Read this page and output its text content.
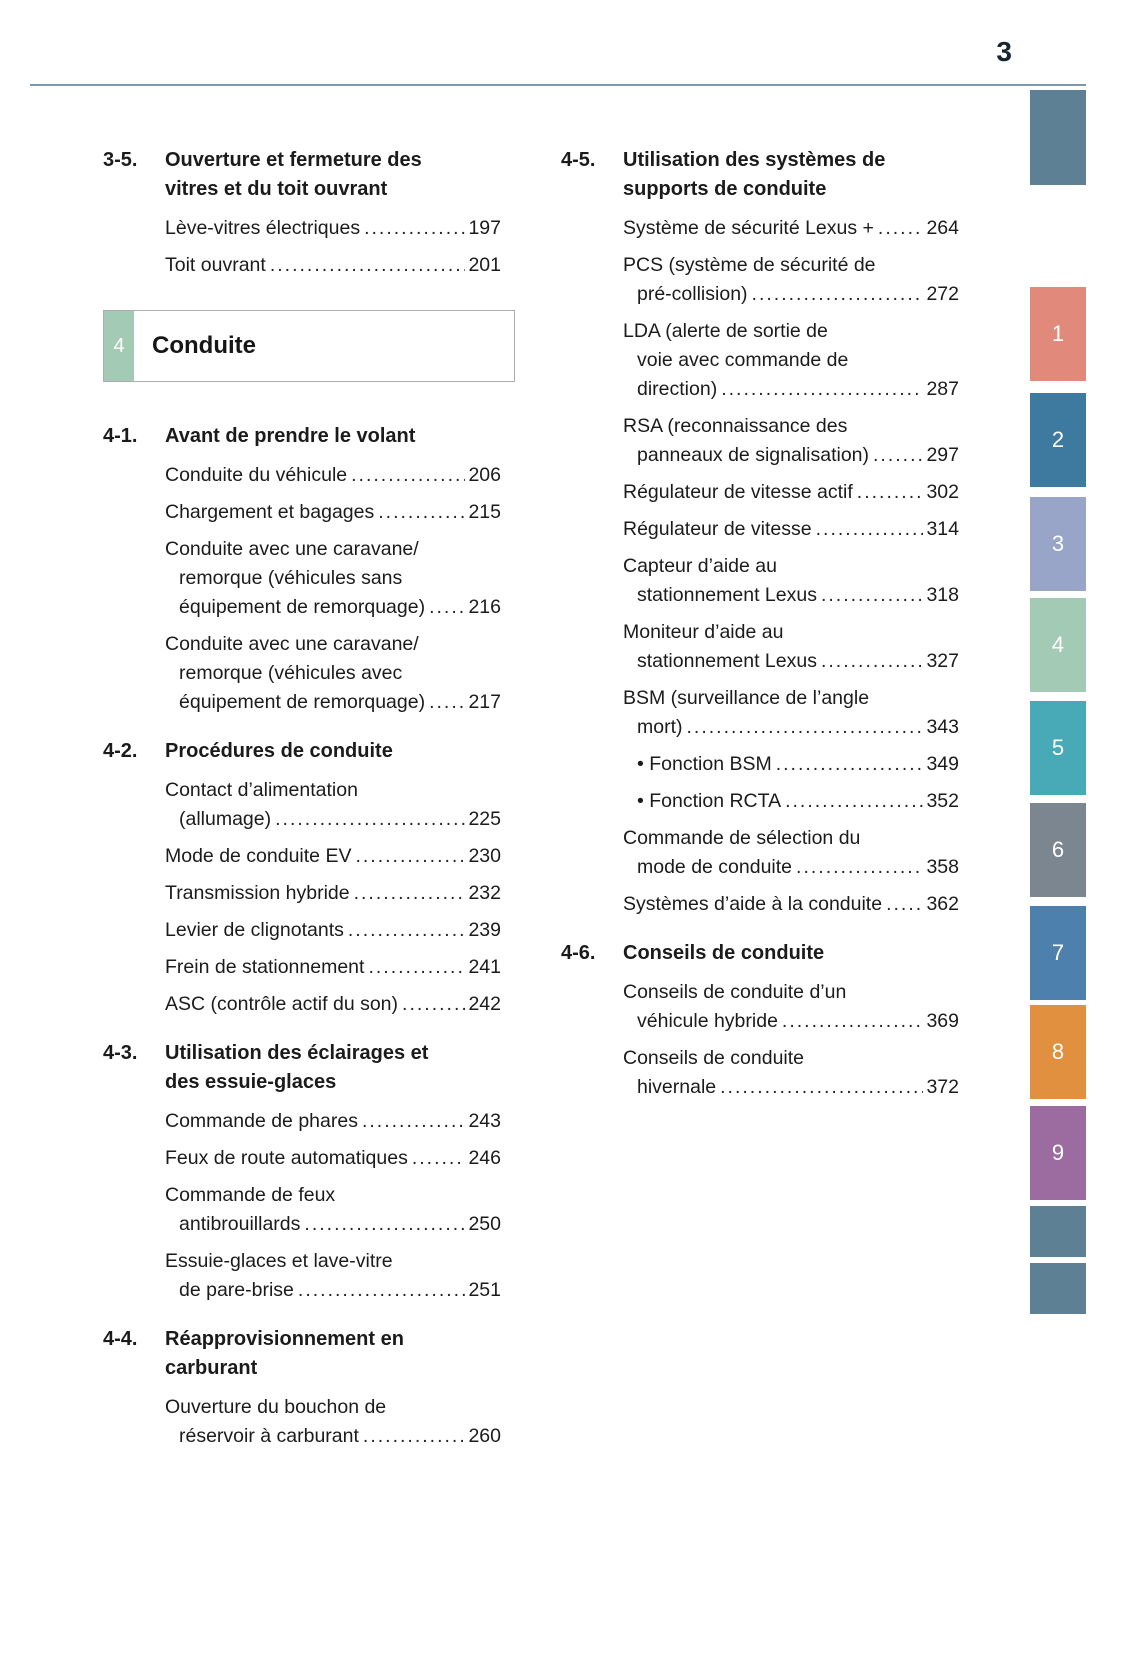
3
3-5.	Ouverture et fermeture des
vitres et du toit ouvrant
Lève-vitres électriques .....	197
Toit ouvrant .....	201
4	Conduite
4-1.	Avant de prendre le volant
Conduite du véhicule .....	206
Chargement et bagages .....	215
Conduite avec une caravane/
remorque (véhicules sans
équipement de remorquage) ..... 216
Conduite avec une caravane/
remorque (véhicules avec
équipement de remorquage) ..... 217
4-2.	Procédures de conduite
Contact d’alimentation
(allumage) .....	225
Mode de conduite EV .....	230
Transmission hybride .....	232
Levier de clignotants .....	239
Frein de stationnement .....	241
ASC (contrôle actif du son) .....	242
4-3.	Utilisation des éclairages et
des essuie-glaces
Commande de phares .....	243
Feux de route automatiques .....	246
Commande de feux
antibrouillards .....	250
Essuie-glaces et lave-vitre
de pare-brise .....	251
4-4.	Réapprovisionnement en
carburant
Ouverture du bouchon de
réservoir à carburant .....	260
4-5.	Utilisation des systèmes de
supports de conduite
Système de sécurité Lexus + .....	264
PCS (système de sécurité de
pré-collision) .....	272
LDA (alerte de sortie de
voie avec commande de
direction) .....	287
RSA (reconnaissance des
panneaux de signalisation) .....	297
Régulateur de vitesse actif .....	302
Régulateur de vitesse .....	314
Capteur d’aide au
stationnement Lexus .....	318
Moniteur d’aide au
stationnement Lexus .....	327
BSM (surveillance de l’angle
mort) .....	343
• Fonction BSM .....	349
• Fonction RCTA .....	352
Commande de sélection du
mode de conduite .....	358
Systèmes d’aide à la conduite ..... 362
4-6.	Conseils de conduite
Conseils de conduite d’un
véhicule hybride .....	369
Conseils de conduite
hivernale .....	372
1
2
3
4
5
6
7
8
9
